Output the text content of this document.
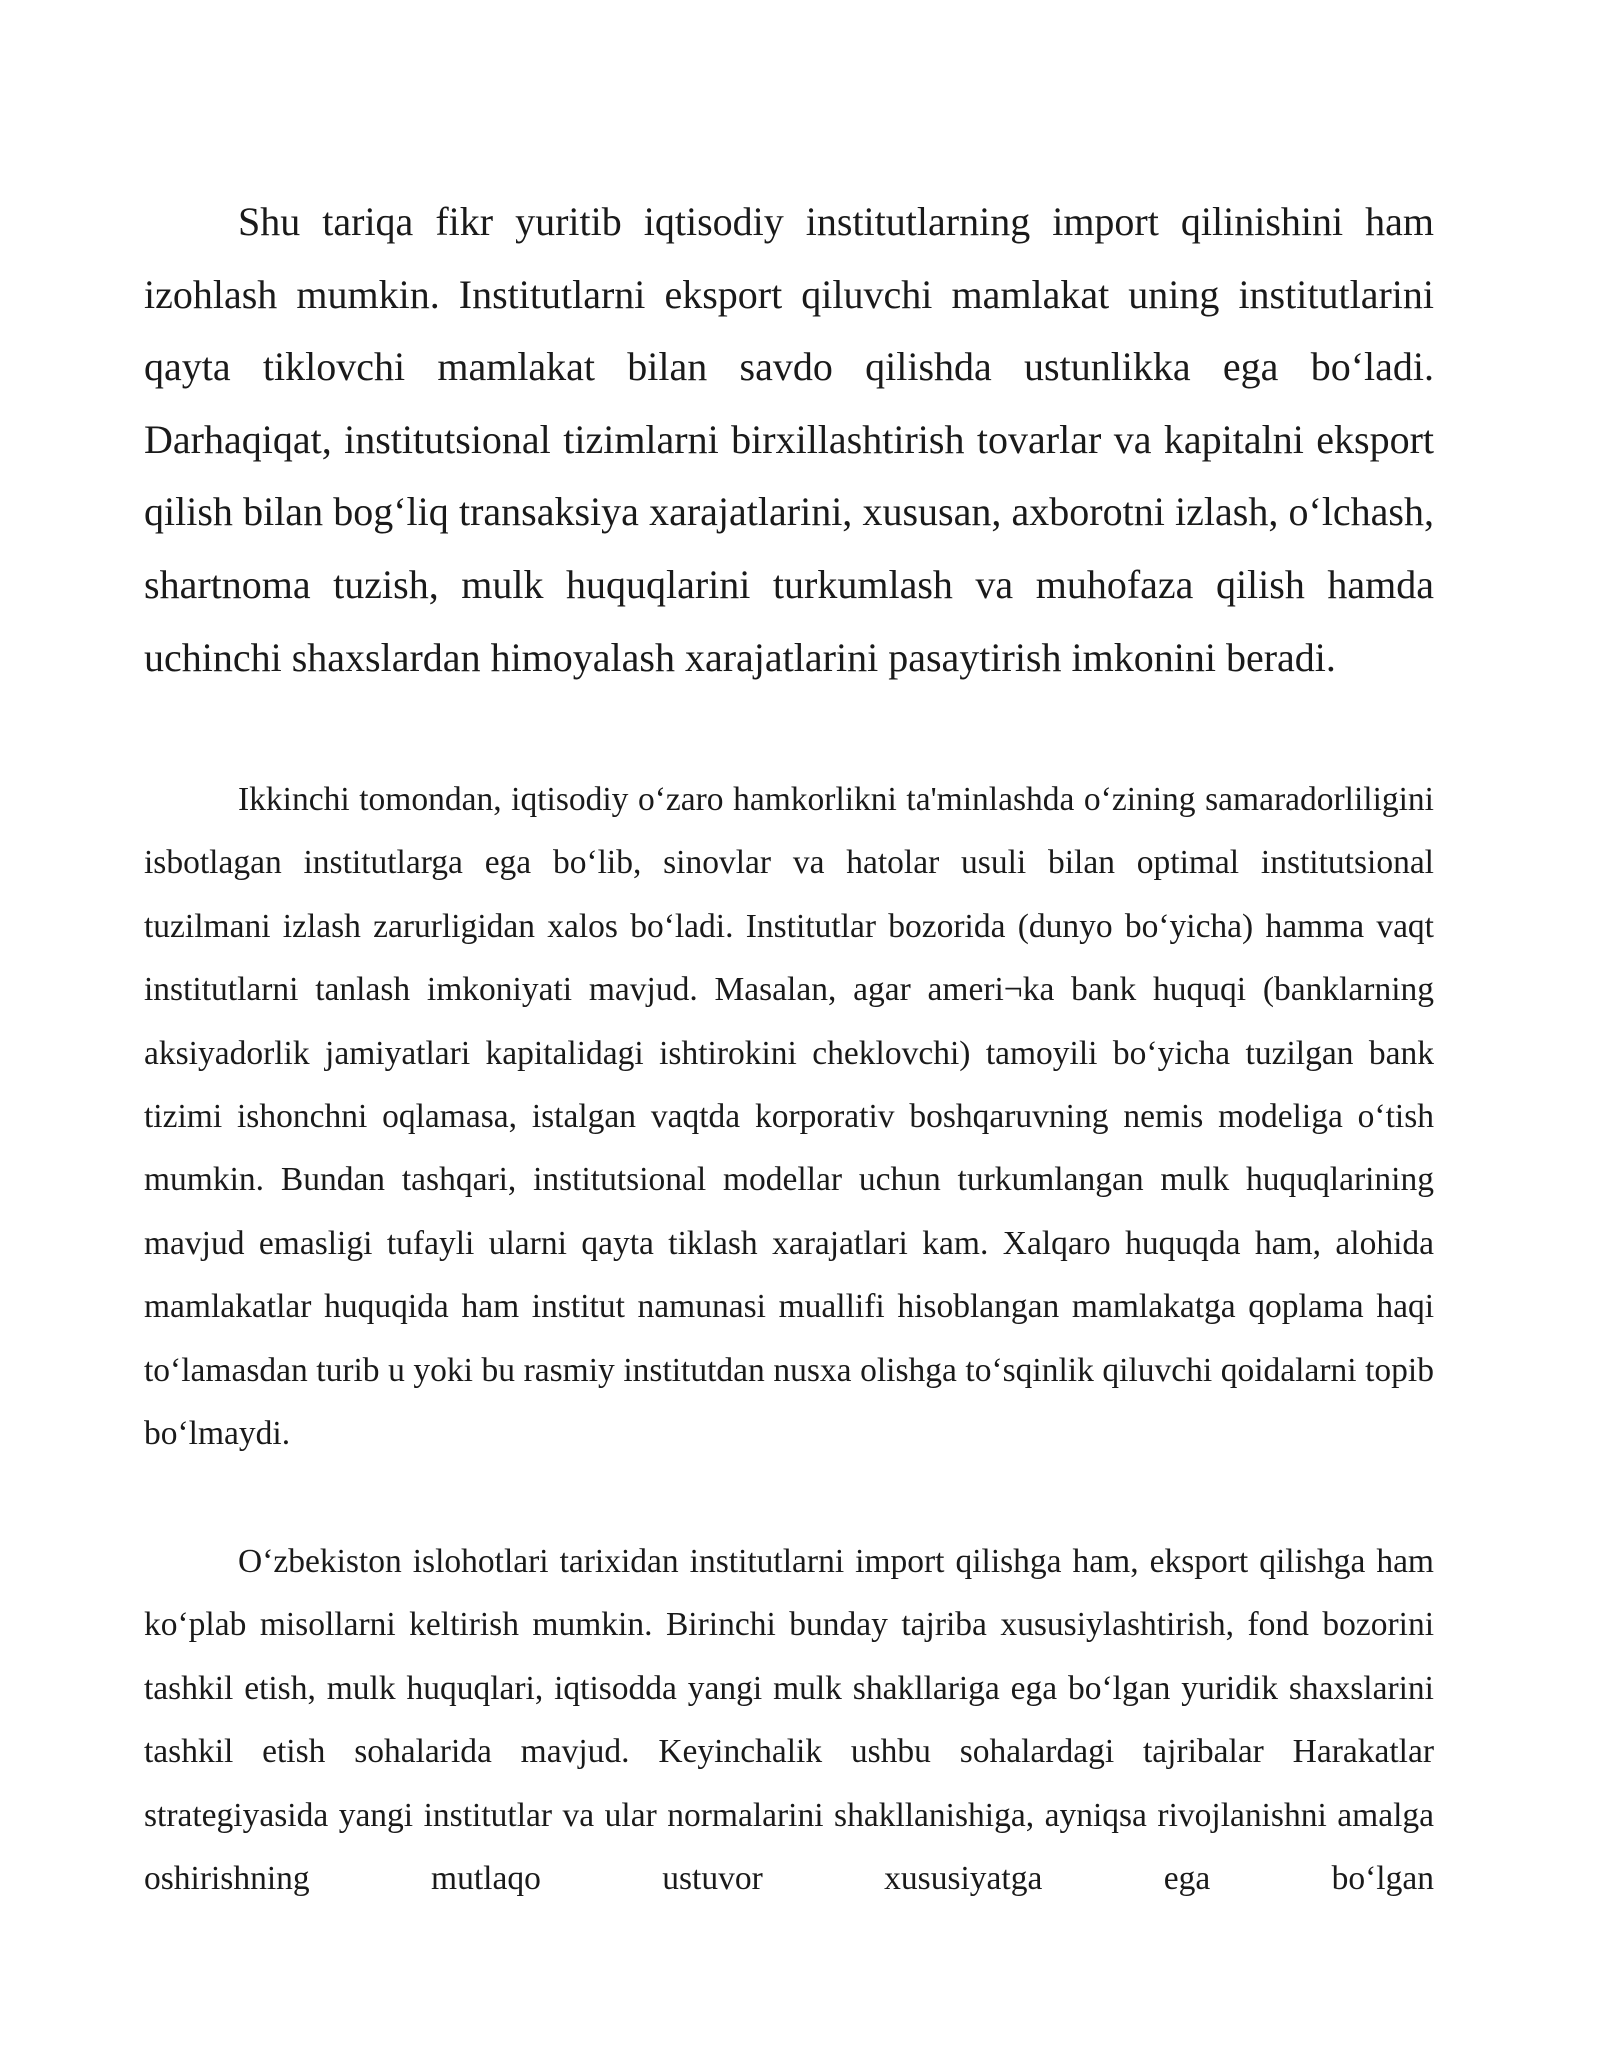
Shu tariqa fikr yuritib iqtisodiy institutlarning import qilinishini ham izohlash mumkin. Institutlarni eksport qiluvchi mamlakat uning institutlarini qayta tiklovchi mamlakat bilan savdo qilishda ustunlikka ega bo‘ladi. Darhaqiqat, institutsional tizimlarni birxillashtirish tovarlar va kapitalni eksport qilish bilan bog‘liq transaksiya xarajatlarini, xususan, axborotni izlash, o‘lchash, shartnoma tuzish, mulk huquqlarini turkumlash va muhofaza qilish hamda uchinchi shaxslardan himoyalash xarajatlarini pasaytirish imkonini beradi.

Ikkinchi tomondan, iqtisodiy o‘zaro hamkorlikni ta'minlashda o‘zining samaradorliligini isbotlagan institutlarga ega bo‘lib, sinovlar va hatolar usuli bilan optimal institutsional tuzilmani izlash zarurligidan xalos bo‘ladi. Institutlar bozorida (dunyo bo‘yicha) hamma vaqt institutlarni tanlash imkoniyati mavjud. Masalan, agar ameri¬ka bank huquqi (banklarning aksiyadorlik jamiyatlari kapitalidagi ishtirokini cheklovchi) tamoyili bo‘yicha tuzilgan bank tizimi ishonchni oqlamasa, istalgan vaqtda korporativ boshqaruvning nemis modeliga o‘tish mumkin. Bundan tashqari, institutsional modellar uchun turkumlangan mulk huquqlarining mavjud emasligi tufayli ularni qayta tiklash xarajatlari kam. Xalqaro huquqda ham, alohida mamlakatlar huquqida ham institut namunasi muallifi hisoblangan mamlakatga qoplama haqi to‘lamasdan turib u yoki bu rasmiy institutdan nusxa olishga to‘sqinlik qiluvchi qoidalarni topib bo‘lmaydi.

O‘zbekiston islohotlari tarixidan institutlarni import qilishga ham, eksport qilishga ham ko‘plab misollarni keltirish mumkin. Birinchi bunday tajriba xususiylashtirish, fond bozorini tashkil etish, mulk huquqlari, iqtisodda yangi mulk shakllariga ega bo‘lgan yuridik shaxslarini tashkil etish sohalarida mavjud. Keyinchalik ushbu sohalardagi tajribalar Harakatlar strategiyasida yangi institutlar va ular normalarini shakllanishiga, ayniqsa rivojlanishni amalga oshirishning mutlaqo ustuvor xususiyatga ega bo‘lgan
